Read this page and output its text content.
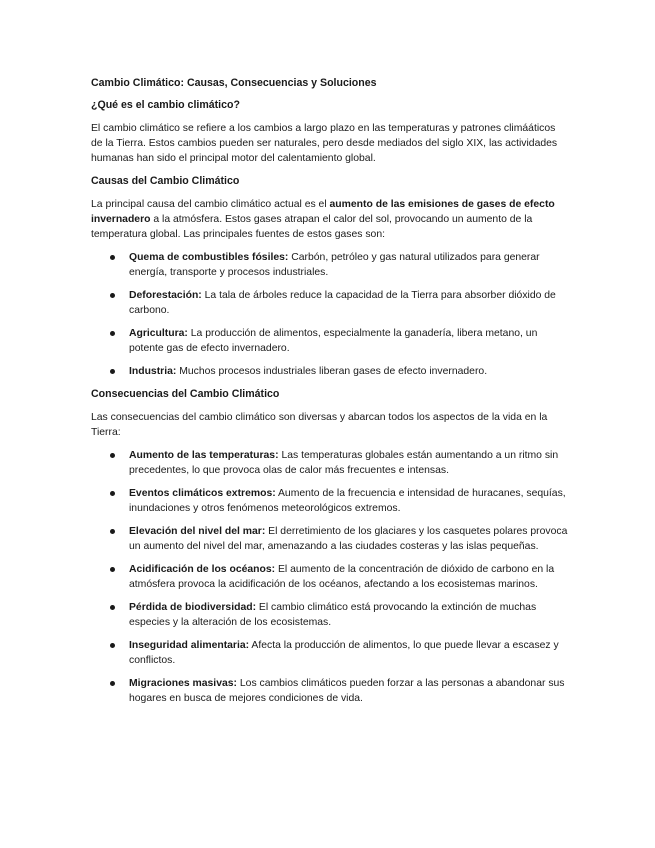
Cambio Climático: Causas, Consecuencias y Soluciones
¿Qué es el cambio climático?
El cambio climático se refiere a los cambios a largo plazo en las temperaturas y patrones climááticos de la Tierra. Estos cambios pueden ser naturales, pero desde mediados del siglo XIX, las actividades humanas han sido el principal motor del calentamiento global.
Causas del Cambio Climático
La principal causa del cambio climático actual es el aumento de las emisiones de gases de efecto invernadero a la atmósfera. Estos gases atrapan el calor del sol, provocando un aumento de la temperatura global. Las principales fuentes de estos gases son:
Quema de combustibles fósiles: Carbón, petróleo y gas natural utilizados para generar energía, transporte y procesos industriales.
Deforestación: La tala de árboles reduce la capacidad de la Tierra para absorber dióxido de carbono.
Agricultura: La producción de alimentos, especialmente la ganadería, libera metano, un potente gas de efecto invernadero.
Industria: Muchos procesos industriales liberan gases de efecto invernadero.
Consecuencias del Cambio Climático
Las consecuencias del cambio climático son diversas y abarcan todos los aspectos de la vida en la Tierra:
Aumento de las temperaturas: Las temperaturas globales están aumentando a un ritmo sin precedentes, lo que provoca olas de calor más frecuentes e intensas.
Eventos climáticos extremos: Aumento de la frecuencia e intensidad de huracanes, sequías, inundaciones y otros fenómenos meteorológicos extremos.
Elevación del nivel del mar: El derretimiento de los glaciares y los casquetes polares provoca un aumento del nivel del mar, amenazando a las ciudades costeras y las islas pequeñas.
Acidificación de los océanos: El aumento de la concentración de dióxido de carbono en la atmósfera provoca la acidificación de los océanos, afectando a los ecosistemas marinos.
Pérdida de biodiversidad: El cambio climático está provocando la extinción de muchas especies y la alteración de los ecosistemas.
Inseguridad alimentaria: Afecta la producción de alimentos, lo que puede llevar a escasez y conflictos.
Migraciones masivas: Los cambios climáticos pueden forzar a las personas a abandonar sus hogares en busca de mejores condiciones de vida.
